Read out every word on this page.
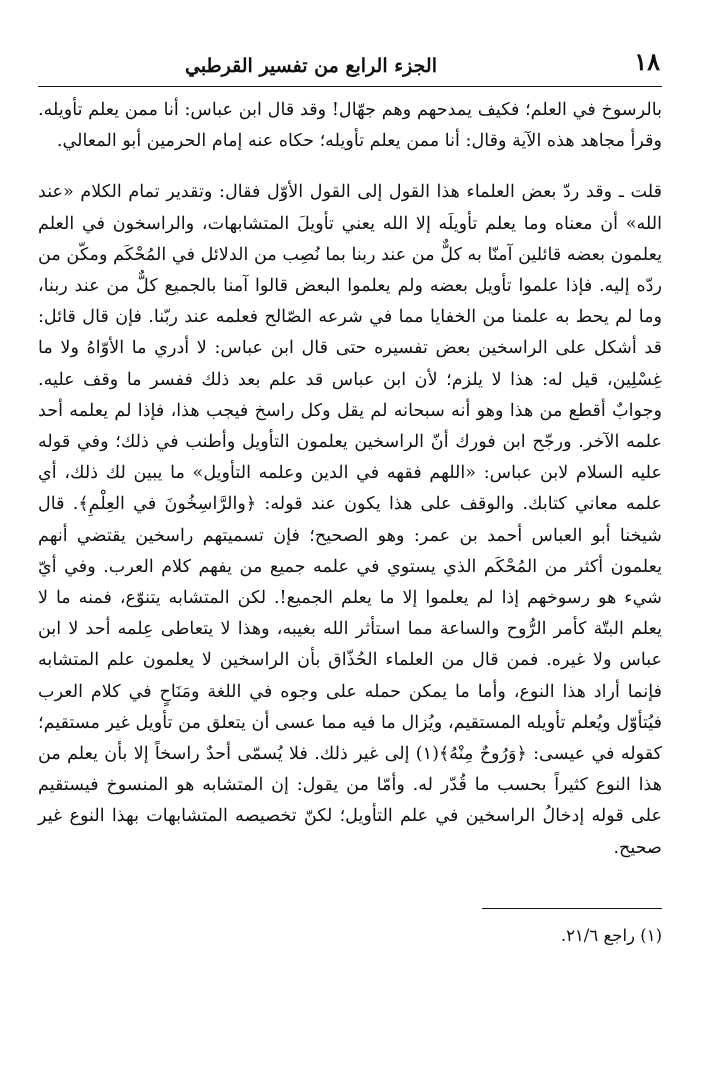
١٨
الجزء الرابع من تفسير القرطبي

بالرسوخ في العلم؛ فكيف يمدحهم وهم جهّال! وقد قال ابن عباس: أنا ممن يعلم تأويله. وقرأ مجاهد هذه الآية وقال: أنا ممن يعلم تأويله؛ حكاه عنه إمام الحرمين أبو المعالي.

قلت ـ وقد ردّ بعض العلماء هذا القول إلى القول الأوّل فقال: وتقدير تمام الكلام «عند الله» أن معناه وما يعلم تأويلَه إلا الله يعني تأويلَ المتشابهات، والراسخون في العلم يعلمون بعضه قائلين آمنّا به كلٌّ من عند ربنا بما نُصِب من الدلائل في المُحْكَم ومكّن من ردّه إليه. فإذا علموا تأويل بعضه ولم يعلموا البعض قالوا آمنا بالجميع كلٌّ من عند ربنا، وما لم يحط به علمنا من الخفايا مما في شرعه الصّالح فعلمه عند ربّنا. فإن قال قائل: قد أشكل على الراسخين بعض تفسيره حتى قال ابن عباس: لا أدري ما الأوّاهُ ولا ما غِسْلِين، قيل له: هذا لا يلزم؛ لأن ابن عباس قد علم بعد ذلك ففسر ما وقف عليه. وجوابٌ أقطع من هذا وهو أنه سبحانه لم يقل وكل راسخ فيجب هذا، فإذا لم يعلمه أحد علمه الآخر. ورجّح ابن فورك أنّ الراسخين يعلمون التأويل وأطنب في ذلك؛ وفي قوله عليه السلام لابن عباس: «اللهم فقهه في الدين وعلمه التأويل» ما يبين لك ذلك، أي علمه معاني كتابك. والوقف على هذا يكون عند قوله: ﴿والرَّاسِخُونَ في العِلْمِ﴾. قال شيخنا أبو العباس أحمد بن عمر: وهو الصحيح؛ فإن تسميتهم راسخين يقتضي أنهم يعلمون أكثر من المُحْكَم الذي يستوي في علمه جميع من يفهم كلام العرب. وفي أيّ شيء هو رسوخهم إذا لم يعلموا إلا ما يعلم الجميع!. لكن المتشابه يتنوّع، فمنه ما لا يعلم البتّة كأمر الرُّوح والساعة مما استأثر الله بغيبه، وهذا لا يتعاطى عِلمه أحد لا ابن عباس ولا غيره. فمن قال من العلماء الحُذّاق بأن الراسخين لا يعلمون علم المتشابه فإنما أراد هذا النوع، وأما ما يمكن حمله على وجوه في اللغة ومَنَاحٍ في كلام العرب فيُتأوّل ويُعلم تأويله المستقيم، ويُزال ما فيه مما عسى أن يتعلق من تأويل غير مستقيم؛ كقوله في عيسى: ﴿وَرُوحٌ مِنْهُ﴾(١) إلى غير ذلك. فلا يُسمّى أحدٌ راسخاً إلا بأن يعلم من هذا النوع كثيراً بحسب ما قُدّر له. وأمّا من يقول: إن المتشابه هو المنسوخ فيستقيم على قوله إدخالُ الراسخين في علم التأويل؛ لكنّ تخصيصه المتشابهات بهذا النوع غير صحيح.

(١) راجع ٢١/٦.
